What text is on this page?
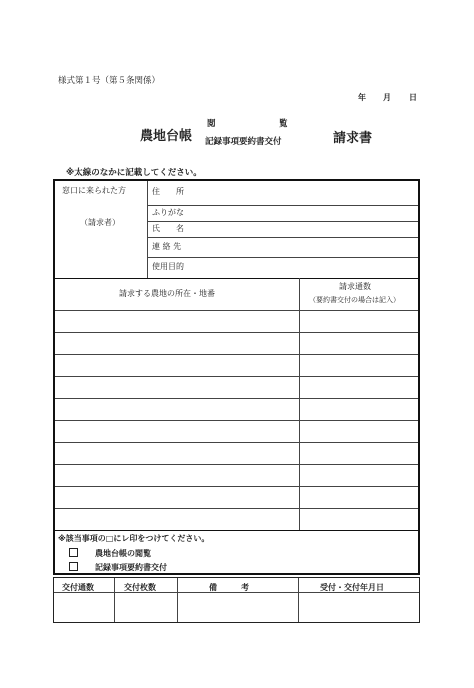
様式第１号（第５条関係）
年 月 日
農地台帳
閲	覧
記録事項要約書交付	請求書
※太線のなかに記載してください。
窓口に来られた方
（請求者）
住　　所
ふりがな
氏　　名
連 絡 先
使用目的
請求する農地の所在・地番
請求通数
（要約書交付の場合は記入）
※該当事項の□にレ印をつけてください。
農地台帳の閲覧
記録事項要約書交付
交付通数	交付枚数	備　　　考	受付・交付年月日
